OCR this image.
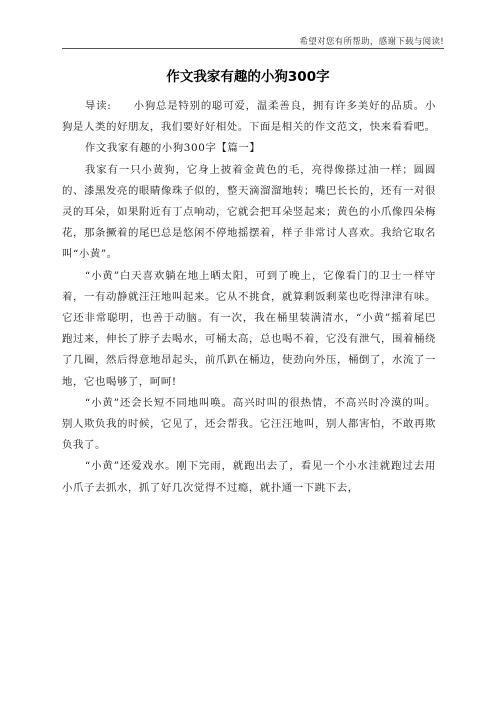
希望对您有所帮助，感谢下载与阅读!
作文我家有趣的小狗300字

导读: 小狗总是特别的聪可爱，温柔善良，拥有许多美好的品质。小狗是人类的好朋友，我们要好好相处。下面是相关的作文范文，快来看看吧。

作文我家有趣的小狗300字【篇一】

我家有一只小黄狗，它身上披着金黄色的毛，亮得像搽过油一样；圆圆的、漆黑发亮的眼睛像珠子似的，整天滴溜溜地转；嘴巴长长的，还有一对很灵的耳朵，如果附近有丁点响动，它就会把耳朵竖起来；黄色的小爪像四朵梅花，那条撅着的尾巴总是悠闲不停地摇摆着，样子非常讨人喜欢。我给它取名叫“小黄”。

“小黄”白天喜欢躺在地上晒太阳，可到了晚上，它像看门的卫士一样守着，一有动静就汪汪地叫起来。它从不挑食，就算剩饭剩菜也吃得津津有味。它还非常聪明，也善于动脑。有一次，我在桶里装满清水，“小黄”摇着尾巴跑过来，伸长了脖子去喝水，可桶太高，总也喝不着，它没有泄气，围着桶绕了几圈，然后得意地昂起头，前爪趴在桶边，使劲向外压，桶倒了，水流了一地，它也喝够了，呵呵!

“小黄”还会长短不同地叫唤。高兴时叫的很热情，不高兴时冷漠的叫。别人欺负我的时候，它见了，还会帮我。它汪汪地叫，别人都害怕，不敢再欺负我了。

“小黄”还爱戏水。刚下完雨，就跑出去了，看见一个小水洼就跑过去用小爪子去抓水，抓了好几次觉得不过瘾，就扑通一下跳下去，
